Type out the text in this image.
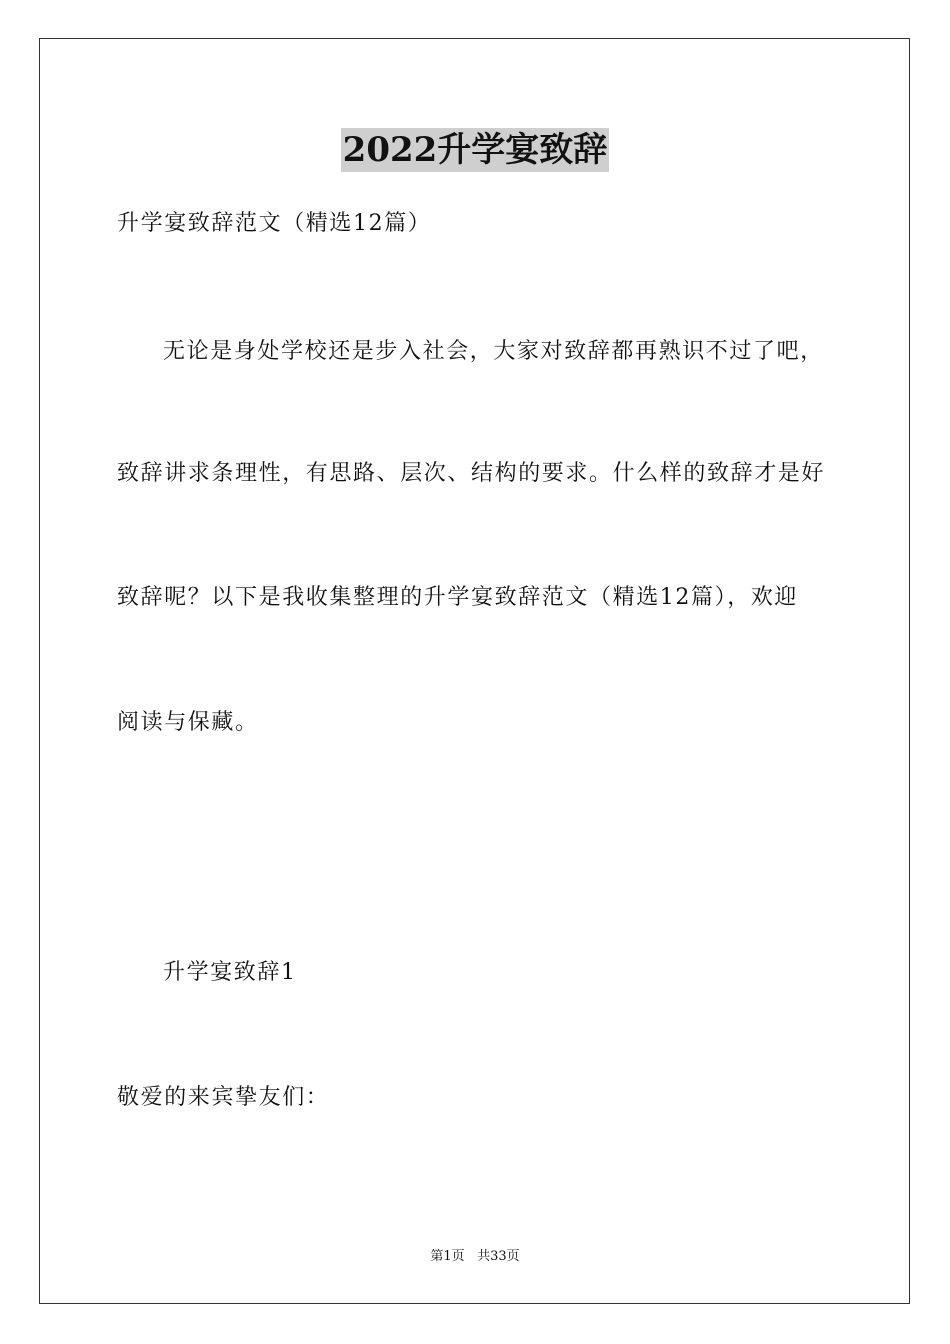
2022升学宴致辞
升学宴致辞范文（精选12篇）
无论是身处学校还是步入社会，大家对致辞都再熟识不过了吧，
致辞讲求条理性，有思路、层次、结构的要求。什么样的致辞才是好
致辞呢？以下是我收集整理的升学宴致辞范文（精选12篇），欢迎
阅读与保藏。
升学宴致辞1
敬爱的来宾挚友们：
第1页 共33页
